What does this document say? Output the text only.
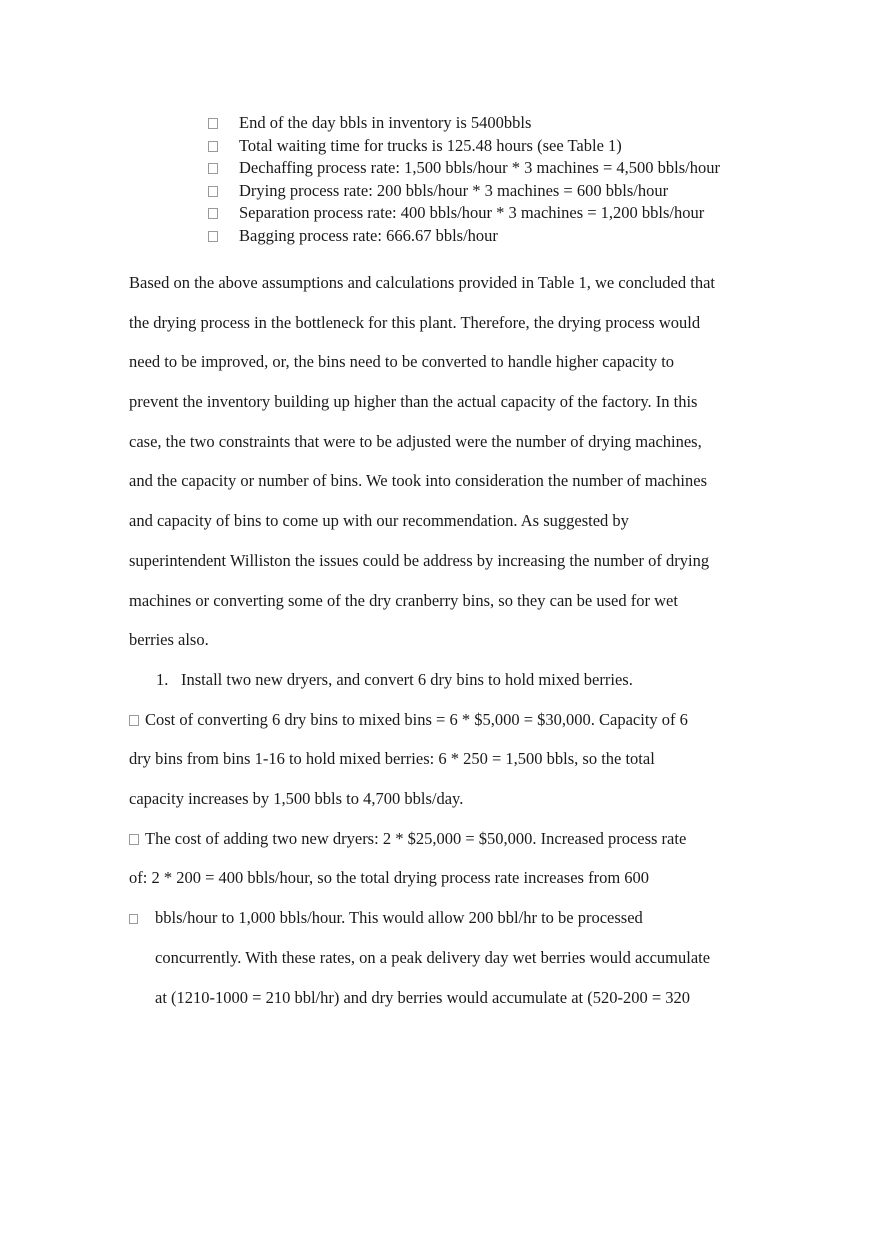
End of the day bbls in inventory is 5400bbls
Total waiting time for trucks is 125.48 hours (see Table 1)
Dechaffing process rate: 1,500 bbls/hour * 3 machines = 4,500 bbls/hour
Drying process rate: 200 bbls/hour * 3 machines = 600 bbls/hour
Separation process rate: 400 bbls/hour * 3 machines = 1,200 bbls/hour
Bagging process rate: 666.67 bbls/hour
Based on the above assumptions and calculations provided in Table 1, we concluded that
the drying process in the bottleneck for this plant. Therefore, the drying process would
need to be improved, or, the bins need to be converted to handle higher capacity to
prevent the inventory building up higher than the actual capacity of the factory. In this
case, the two constraints that were to be adjusted were the number of drying machines,
and the capacity or number of bins. We took into consideration the number of machines
and capacity of bins to come up with our recommendation. As suggested by
superintendent Williston the issues could be address by increasing the number of drying
machines or converting some of the dry cranberry bins, so they can be used for wet
berries also.
1. Install two new dryers, and convert 6 dry bins to hold mixed berries.
Cost of converting 6 dry bins to mixed bins = 6 * $5,000 = $30,000. Capacity of 6
dry bins from bins 1-16 to hold mixed berries: 6 * 250 = 1,500 bbls, so the total
capacity increases by 1,500 bbls to 4,700 bbls/day.
The cost of adding two new dryers: 2 * $25,000 = $50,000. Increased process rate
of: 2 * 200 = 400 bbls/hour, so the total drying process rate increases from 600
bbls/hour to 1,000 bbls/hour. This would allow 200 bbl/hr to be processed
concurrently. With these rates, on a peak delivery day wet berries would accumulate
at (1210-1000 = 210 bbl/hr) and dry berries would accumulate at (520-200 = 320
